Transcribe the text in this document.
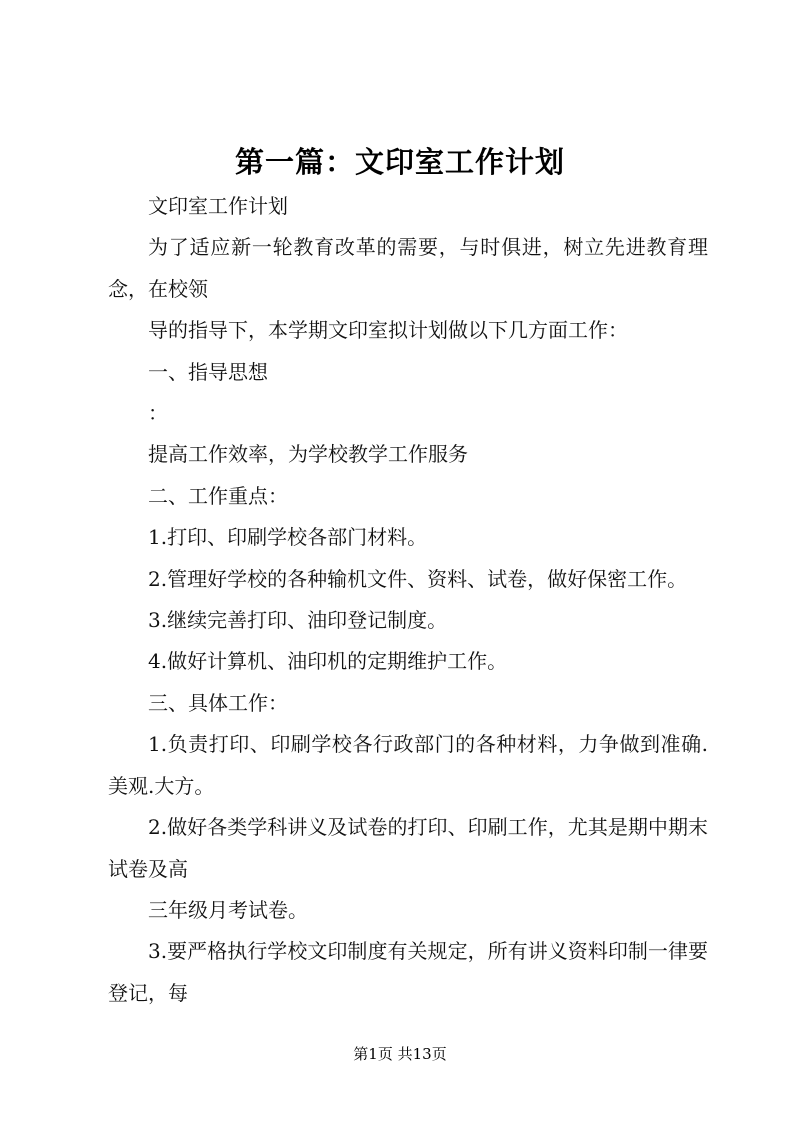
第一篇：文印室工作计划

文印室工作计划

为了适应新一轮教育改革的需要，与时俱进，树立先进教育理念，在校领

导的指导下，本学期文印室拟计划做以下几方面工作：

一、指导思想

：

提高工作效率，为学校教学工作服务

二、工作重点：

1.打印、印刷学校各部门材料。

2.管理好学校的各种输机文件、资料、试卷，做好保密工作。

3.继续完善打印、油印登记制度。

4.做好计算机、油印机的定期维护工作。

三、具体工作：

1.负责打印、印刷学校各行政部门的各种材料，力争做到准确.美观.大方。

2.做好各类学科讲义及试卷的打印、印刷工作，尤其是期中期末试卷及高

三年级月考试卷。

3.要严格执行学校文印制度有关规定，所有讲义资料印制一律要登记，每

第1页 共13页
